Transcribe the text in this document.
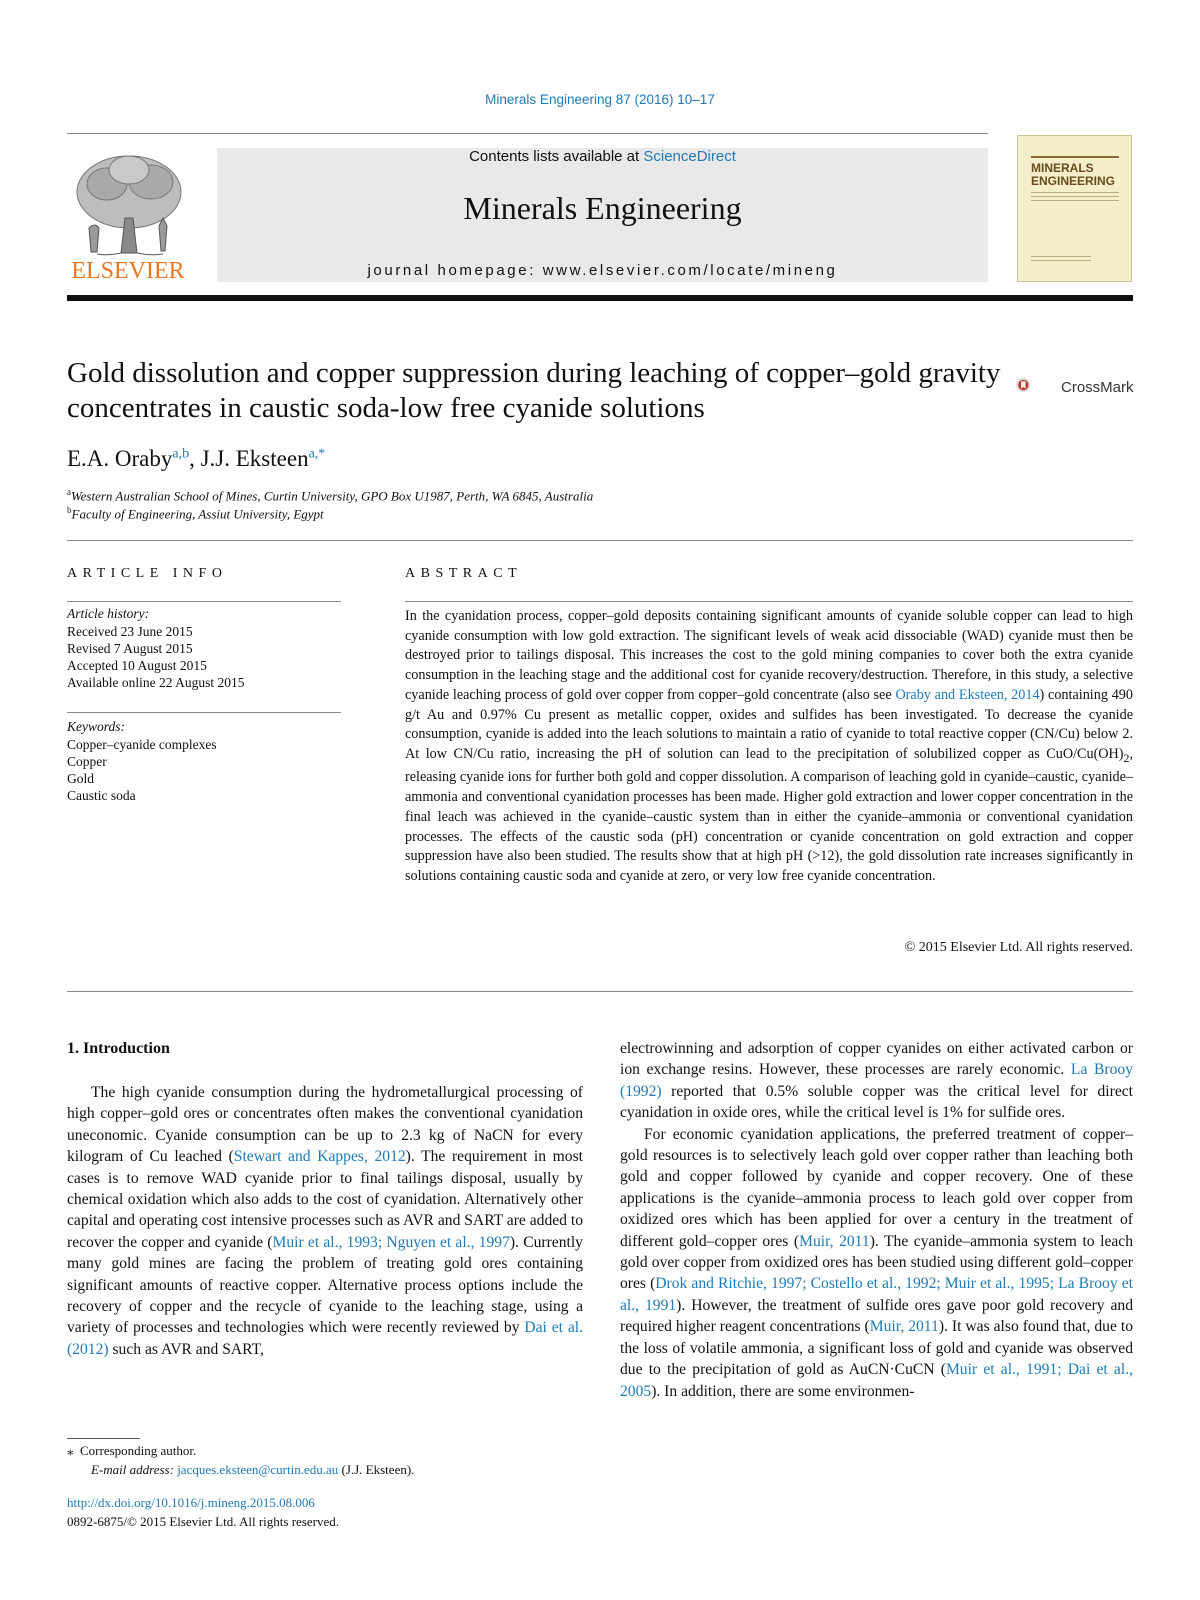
Minerals Engineering 87 (2016) 10–17
ELSEVIER
Contents lists available at ScienceDirect
Minerals Engineering
journal homepage: www.elsevier.com/locate/mineng
MINERALS ENGINEERING
Gold dissolution and copper suppression during leaching of copper–gold gravity concentrates in caustic soda-low free cyanide solutions
CrossMark
E.A. Oraby$^{a,b}$, J.J. Eksteen$^{a,*}$
$^a$Western Australian School of Mines, Curtin University, GPO Box U1987, Perth, WA 6845, Australia
$^b$Faculty of Engineering, Assiut University, Egypt
ARTICLE INFO
Article history:
Received 23 June 2015
Revised 7 August 2015
Accepted 10 August 2015
Available online 22 August 2015
Keywords:
Copper–cyanide complexes
Copper
Gold
Caustic soda
ABSTRACT
In the cyanidation process, copper–gold deposits containing significant amounts of cyanide soluble copper can lead to high cyanide consumption with low gold extraction. The significant levels of weak acid dissociable (WAD) cyanide must then be destroyed prior to tailings disposal. This increases the cost to the gold mining companies to cover both the extra cyanide consumption in the leaching stage and the additional cost for cyanide recovery/destruction. Therefore, in this study, a selective cyanide leaching process of gold over copper from copper–gold concentrate (also see Oraby and Eksteen, 2014) containing 490 g/t Au and 0.97% Cu present as metallic copper, oxides and sulfides has been investigated. To decrease the cyanide consumption, cyanide is added into the leach solutions to maintain a ratio of cyanide to total reactive copper (CN/Cu) below 2. At low CN/Cu ratio, increasing the pH of solution can lead to the precipitation of solubilized copper as CuO/$Cu(OH)_2$, releasing cyanide ions for further both gold and copper dissolution. A comparison of leaching gold in cyanide–caustic, cyanide–ammonia and conventional cyanidation processes has been made. Higher gold extraction and lower copper concentration in the final leach was achieved in the cyanide–caustic system than in either the cyanide–ammonia or conventional cyanidation processes. The effects of the caustic soda (pH) concentration or cyanide concentration on gold extraction and copper suppression have also been studied. The results show that at high pH (>12), the gold dissolution rate increases significantly in solutions containing caustic soda and cyanide at zero, or very low free cyanide concentration.
© 2015 Elsevier Ltd. All rights reserved.
1. Introduction

The high cyanide consumption during the hydrometallurgical processing of high copper–gold ores or concentrates often makes the conventional cyanidation uneconomic. Cyanide consumption can be up to 2.3 kg of NaCN for every kilogram of Cu leached (Stewart and Kappes, 2012). The requirement in most cases is to remove WAD cyanide prior to final tailings disposal, usually by chemical oxidation which also adds to the cost of cyanidation. Alternatively other capital and operating cost intensive processes such as AVR and SART are added to recover the copper and cyanide (Muir et al., 1993; Nguyen et al., 1997). Currently many gold mines are facing the problem of treating gold ores containing significant amounts of reactive copper. Alternative process options include the recovery of copper and the recycle of cyanide to the leaching stage, using a variety of processes and technologies which were recently reviewed by Dai et al. (2012) such as AVR and SART,

electrowinning and adsorption of copper cyanides on either activated carbon or ion exchange resins. However, these processes are rarely economic. La Brooy (1992) reported that 0.5% soluble copper was the critical level for direct cyanidation in oxide ores, while the critical level is 1% for sulfide ores.

For economic cyanidation applications, the preferred treatment of copper–gold resources is to selectively leach gold over copper rather than leaching both gold and copper followed by cyanide and copper recovery. One of these applications is the cyanide–ammonia process to leach gold over copper from oxidized ores which has been applied for over a century in the treatment of different gold–copper ores (Muir, 2011). The cyanide–ammonia system to leach gold over copper from oxidized ores has been studied using different gold–copper ores (Drok and Ritchie, 1997; Costello et al., 1992; Muir et al., 1995; La Brooy et al., 1991). However, the treatment of sulfide ores gave poor gold recovery and required higher reagent concentrations (Muir, 2011). It was also found that, due to the loss of volatile ammonia, a significant loss of gold and cyanide was observed due to the precipitation of gold as AuCN·CuCN (Muir et al., 1991; Dai et al., 2005). In addition, there are some environmen-

⁎ Corresponding author.
E-mail address: jacques.eksteen@curtin.edu.au (J.J. Eksteen).
http://dx.doi.org/10.1016/j.mineng.2015.08.006
0892-6875/© 2015 Elsevier Ltd. All rights reserved.
